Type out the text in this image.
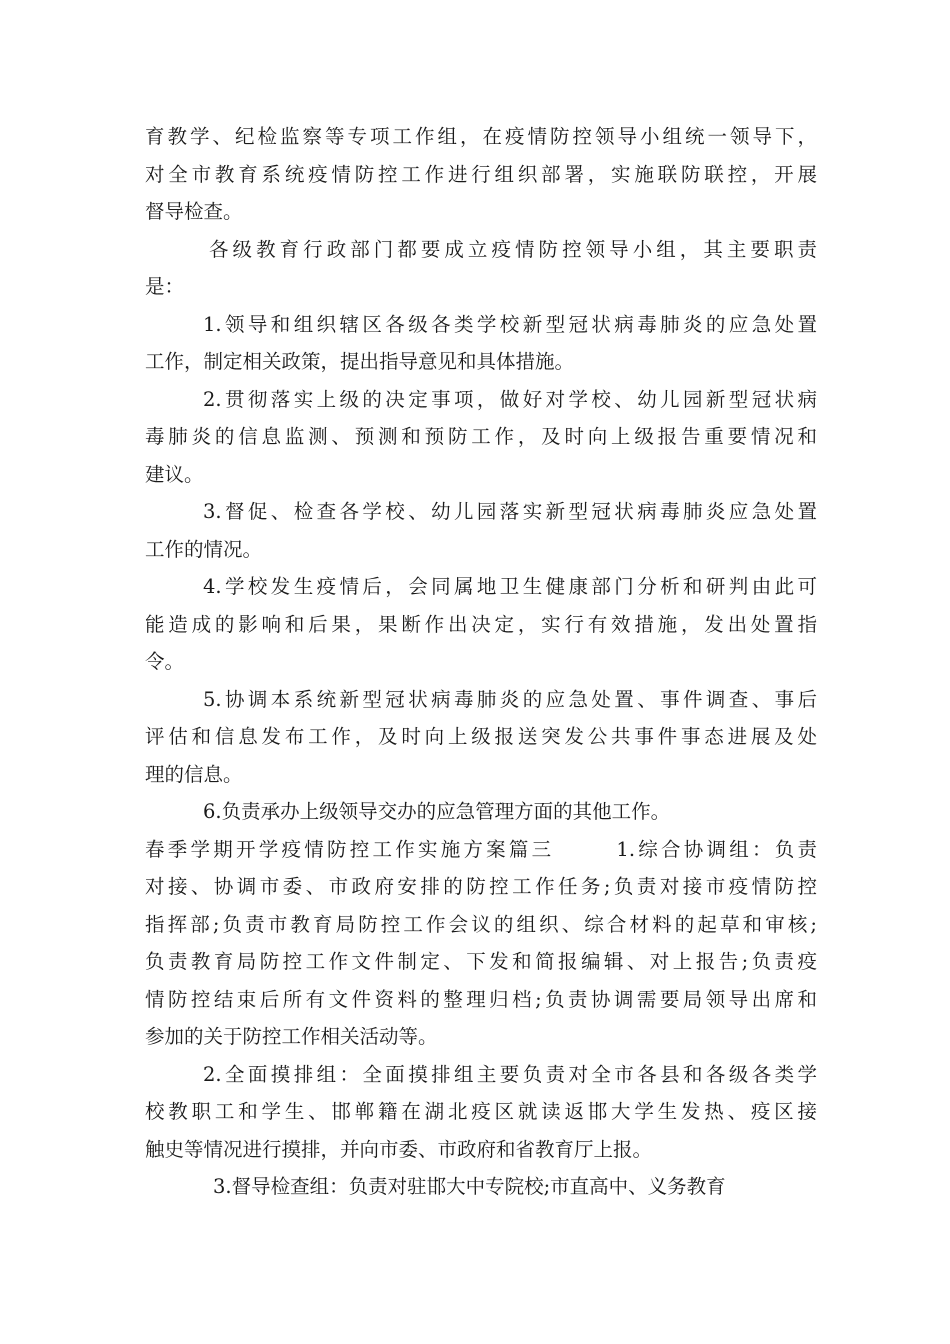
育教学、纪检监察等专项工作组，在疫情防控领导小组统一领导下，
对全市教育系统疫情防控工作进行组织部署，实施联防联控，开展
督导检查。
各级教育行政部门都要成立疫情防控领导小组，其主要职责
是：
1.领导和组织辖区各级各类学校新型冠状病毒肺炎的应急处置
工作，制定相关政策，提出指导意见和具体措施。
2.贯彻落实上级的决定事项，做好对学校、幼儿园新型冠状病
毒肺炎的信息监测、预测和预防工作，及时向上级报告重要情况和
建议。
3.督促、检查各学校、幼儿园落实新型冠状病毒肺炎应急处置
工作的情况。
4.学校发生疫情后，会同属地卫生健康部门分析和研判由此可
能造成的影响和后果，果断作出决定，实行有效措施，发出处置指
令。
5.协调本系统新型冠状病毒肺炎的应急处置、事件调查、事后
评估和信息发布工作，及时向上级报送突发公共事件事态进展及处
理的信息。
6.负责承办上级领导交办的应急管理方面的其他工作。
春季学期开学疫情防控工作实施方案篇三	1.综合协调组：负责
对接、协调市委、市政府安排的防控工作任务;负责对接市疫情防控
指挥部;负责市教育局防控工作会议的组织、综合材料的起草和审核;
负责教育局防控工作文件制定、下发和简报编辑、对上报告;负责疫
情防控结束后所有文件资料的整理归档;负责协调需要局领导出席和
参加的关于防控工作相关活动等。
2.全面摸排组：全面摸排组主要负责对全市各县和各级各类学
校教职工和学生、邯郸籍在湖北疫区就读返邯大学生发热、疫区接
触史等情况进行摸排，并向市委、市政府和省教育厅上报。
3.督导检查组：负责对驻邯大中专院校;市直高中、义务教育
